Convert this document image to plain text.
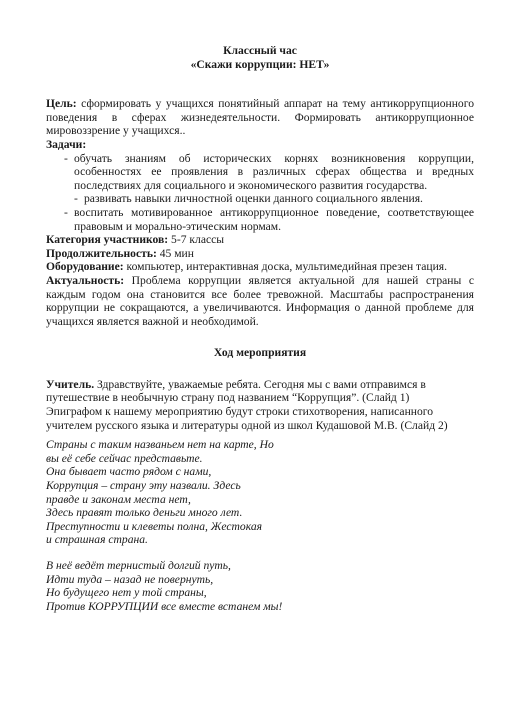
Классный час

«Скажи коррупции: НЕТ»

Цель: сформировать у учащихся понятийный аппарат на тему антикоррупционного поведения в сферах жизнедеятельности. Формировать антикоррупционное мировоззрение у учащихся..

Задачи:

- обучать знаниям об исторических корнях возникновения коррупции, особенностях ее проявления в различных сферах общества и вредных последствиях для социального и экономического развития государства.
- развивать навыки личностной оценки данного социального явления.
- воспитать мотивированное антикоррупционное поведение, соответствующее правовым и морально-этическим нормам.

Категория участников: 5-7 классы

Продолжительность: 45 мин

Оборудование: компьютер, интерактивная доска, мультимедийная презен тация.

Актуальность: Проблема коррупции является актуальной для нашей страны с каждым годом она становится все более тревожной. Масштабы распространения коррупции не сокращаются, а увеличиваются. Информация о данной проблеме для учащихся является важной и необходимой.

Ход мероприятия

Учитель. Здравствуйте, уважаемые ребята. Сегодня мы с вами отправимся в путешествие в необычную страну под названием “Коррупция”. (Слайд 1)

Эпиграфом к нашему мероприятию будут строки стихотворения, написанного учителем русского языка и литературы одной из школ Кудашовой М.В. (Слайд 2)

Страны с таким названьем нет на карте, Но
вы её себе сейчас представьте.
Она бывает часто рядом с нами,
Коррупция – страну эту назвали. Здесь
правде и законам места нет,
Здесь правят только деньги много лет.
Преступности и клеветы полна, Жестокая
и страшная страна.
В неё ведёт тернистый долгий путь,
Идти туда – назад не повернуть,
Но будущего нет у той страны,
Против КОРРУПЦИИ все вместе встанем мы!
